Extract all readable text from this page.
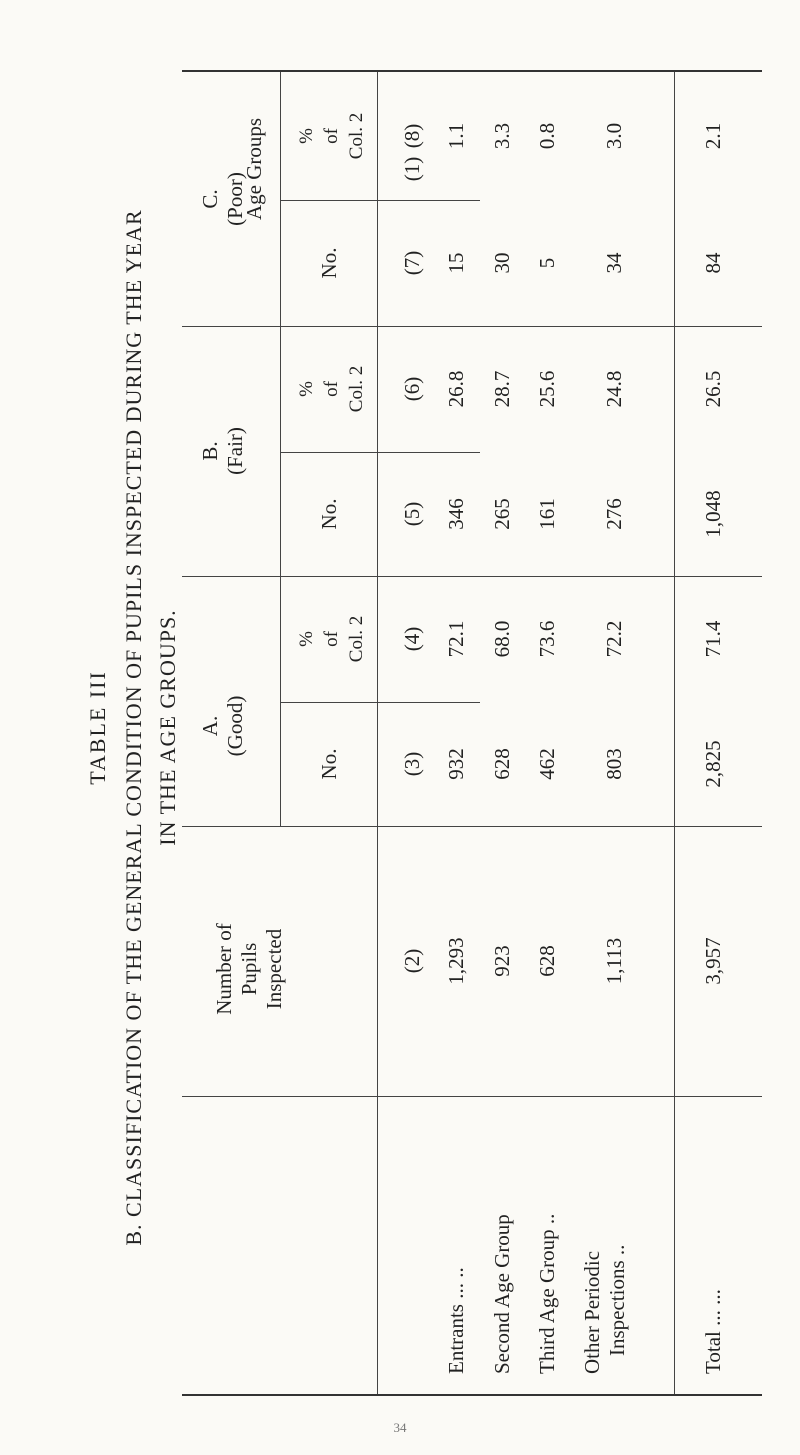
TABLE III B. CLASSIFICATION OF THE GENERAL CONDITION OF PUPILS INSPECTED DURING THE YEAR IN THE AGE GROUPS.
Age Groups
Number of Pupils Inspected
A. (Good)
B. (Fair)
C. (Poor)
No.
% of Col. 2
No.
% of Col. 2
No.
% of Col. 2
(1)
(2)
(3)
(4)
(5)
(6)
(7)
(8)
Entrants ... ..
1,293
932
72.1
346
26.8
15
1.1
Second Age Group
923
628
68.0
265
28.7
30
3.3
Third Age Group ..
628
462
73.6
161
25.6
5
0.8
Other Periodic Inspections ..
1,113
803
72.2
276
24.8
34
3.0
Total ... ...
3,957
2,825
71.4
1,048
26.5
84
2.1
34
